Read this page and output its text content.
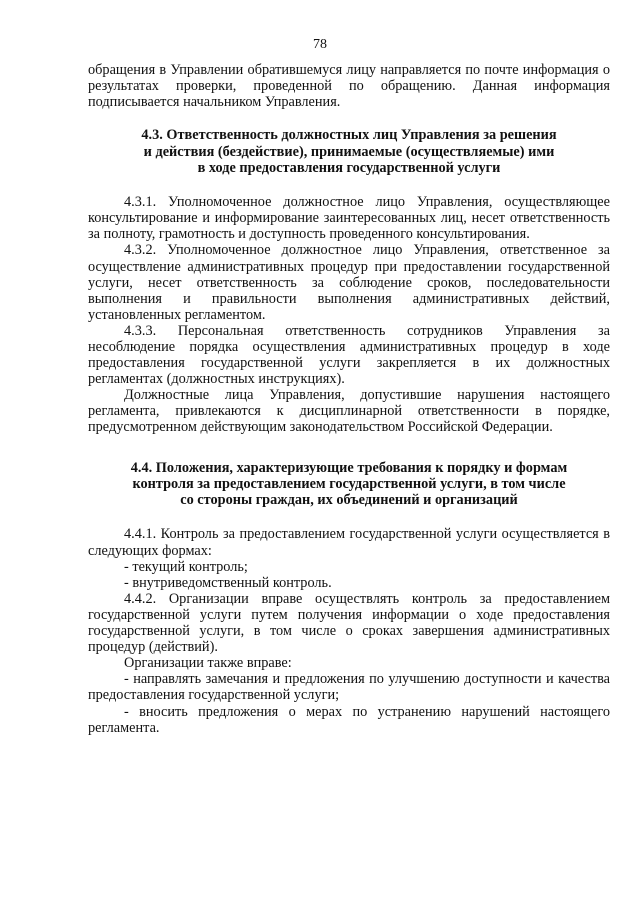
78

обращения в Управлении обратившемуся лицу направляется по почте информация о результатах проверки, проведенной по обращению. Данная информация подписывается начальником Управления.

4.3. Ответственность должностных лиц Управления за решения
и действия (бездействие), принимаемые (осуществляемые) ими
в ходе предоставления государственной услуги

4.3.1. Уполномоченное должностное лицо Управления, осуществляющее консультирование и информирование заинтересованных лиц, несет ответственность за полноту, грамотность и доступность проведенного консультирования.

4.3.2. Уполномоченное должностное лицо Управления, ответственное за осуществление административных процедур при предоставлении государственной услуги, несет ответственность за соблюдение сроков, последовательности выполнения и правильности выполнения административных действий, установленных регламентом.

4.3.3. Персональная ответственность сотрудников Управления за несоблюдение порядка осуществления административных процедур в ходе предоставления государственной услуги закрепляется в их должностных регламентах (должностных инструкциях).

Должностные лица Управления, допустившие нарушения настоящего регламента, привлекаются к дисциплинарной ответственности в порядке, предусмотренном действующим законодательством Российской Федерации.

4.4. Положения, характеризующие требования к порядку и формам
контроля за предоставлением государственной услуги, в том числе
со стороны граждан, их объединений и организаций

4.4.1. Контроль за предоставлением государственной услуги осуществляется в следующих формах:

- текущий контроль;

- внутриведомственный контроль.

4.4.2. Организации вправе осуществлять контроль за предоставлением государственной услуги путем получения информации о ходе предоставления государственной услуги, в том числе о сроках завершения административных процедур (действий).

Организации также вправе:

- направлять замечания и предложения по улучшению доступности и качества предоставления государственной услуги;

- вносить предложения о мерах по устранению нарушений настоящего регламента.
